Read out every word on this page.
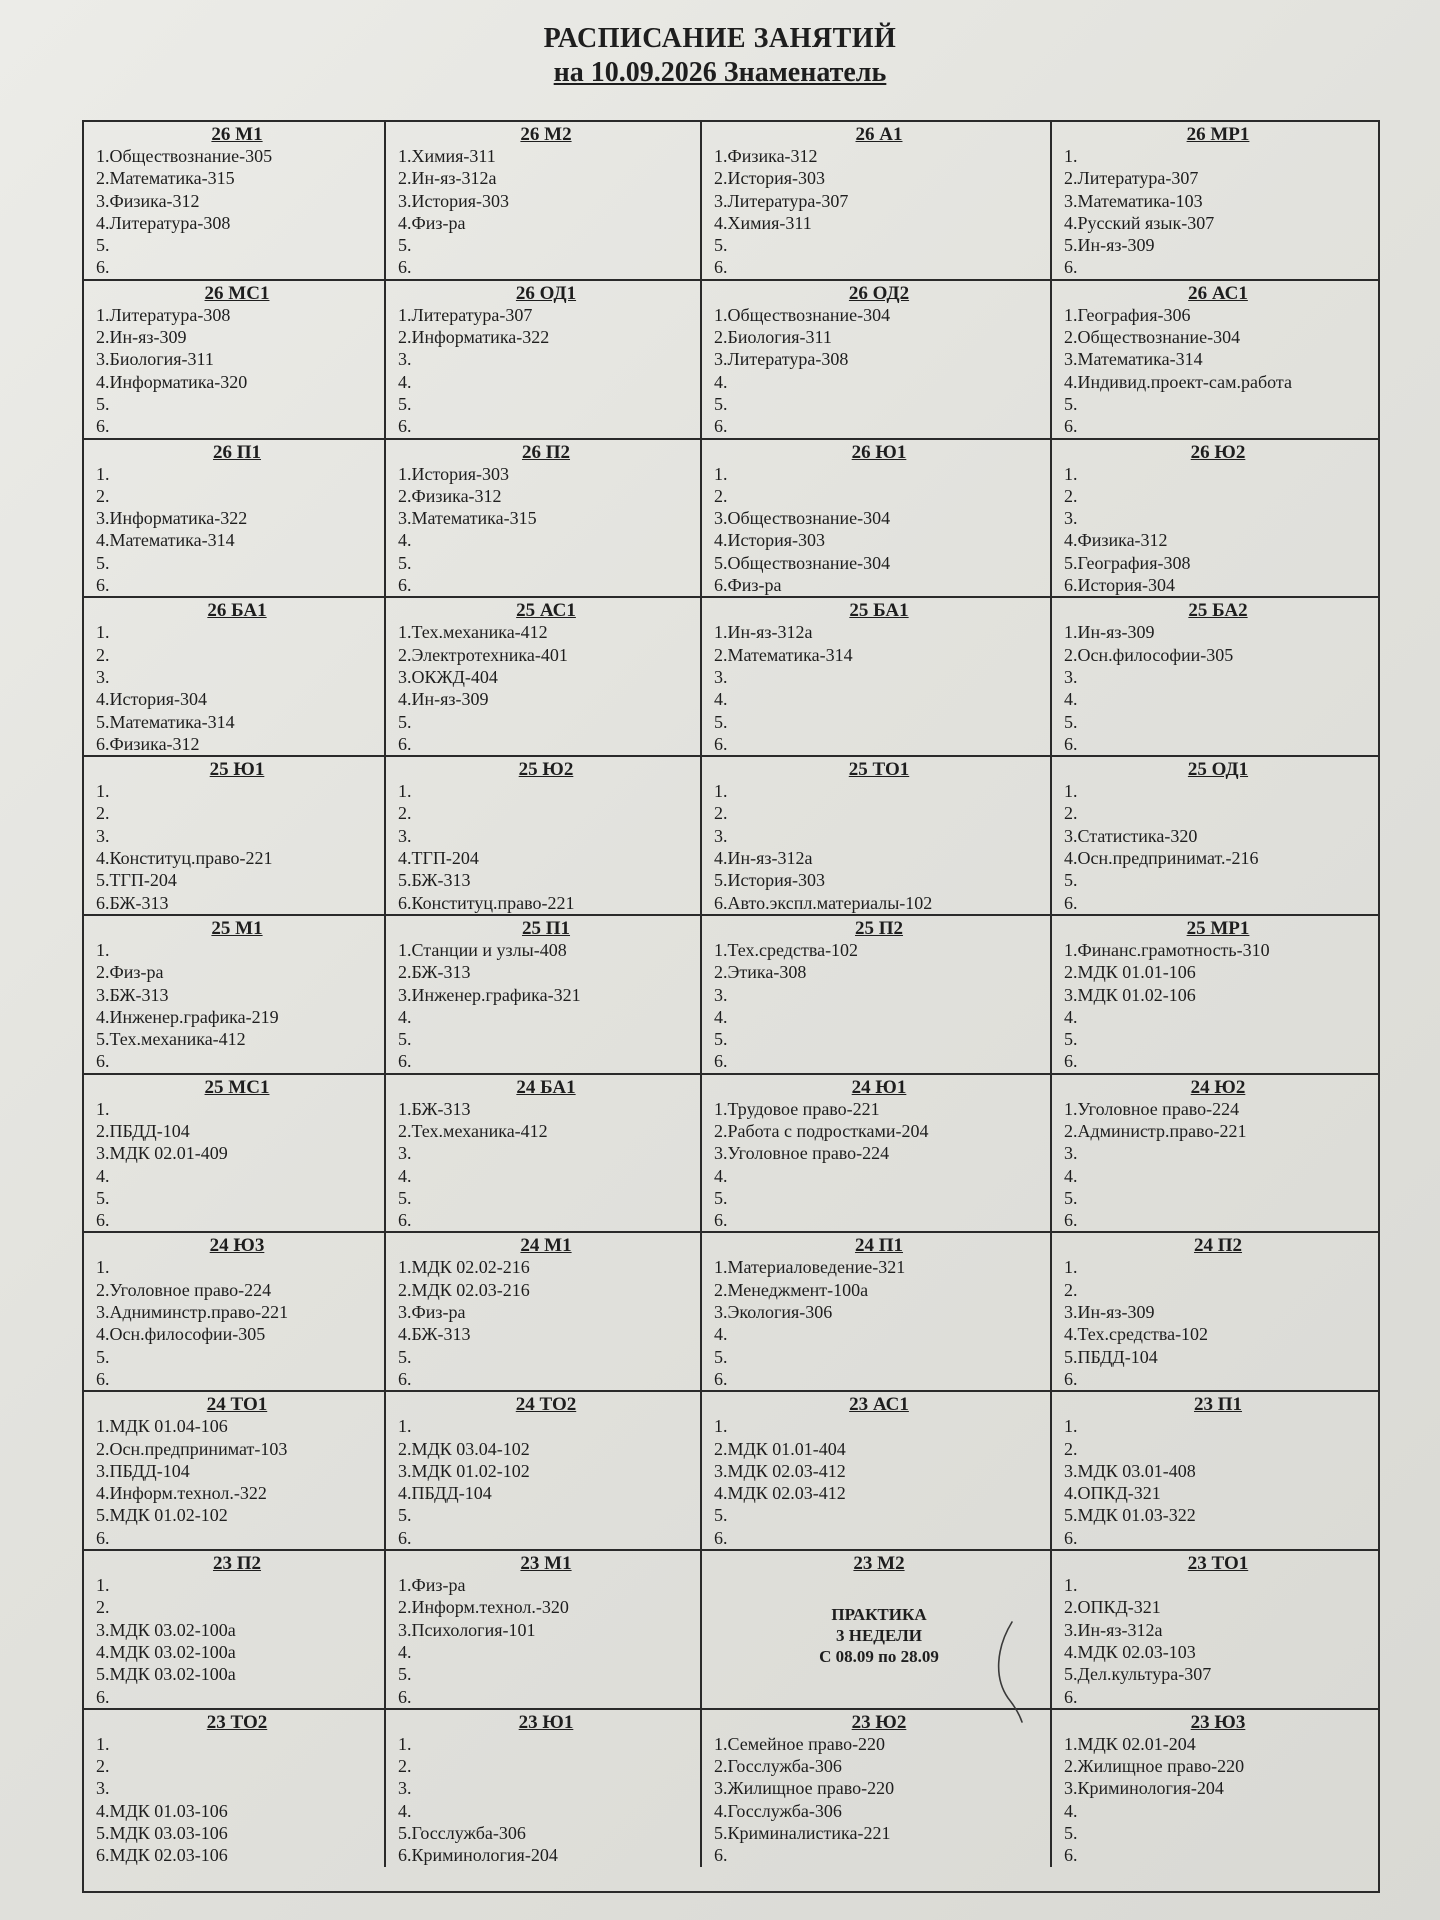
РАСПИСАНИЕ ЗАНЯТИЙ
на 10.09.2026 Знаменатель
26 М1
1.Обществознание-305
2.Математика-315
3.Физика-312
4.Литература-308
5.
6.
26 М2
1.Химия-311
2.Ин-яз-312а
3.История-303
4.Физ-ра
5.
6.
26 А1
1.Физика-312
2.История-303
3.Литература-307
4.Химия-311
5.
6.
26 МР1
1.
2.Литература-307
3.Математика-103
4.Русский язык-307
5.Ин-яз-309
6.
26 МС1
1.Литература-308
2.Ин-яз-309
3.Биология-311
4.Информатика-320
5.
6.
26 ОД1
1.Литература-307
2.Информатика-322
3.
4.
5.
6.
26 ОД2
1.Обществознание-304
2.Биология-311
3.Литература-308
4.
5.
6.
26 АС1
1.География-306
2.Обществознание-304
3.Математика-314
4.Индивид.проект-сам.работа
5.
6.
26 П1
1.
2.
3.Информатика-322
4.Математика-314
5.
6.
26 П2
1.История-303
2.Физика-312
3.Математика-315
4.
5.
6.
26 Ю1
1.
2.
3.Обществознание-304
4.История-303
5.Обществознание-304
6.Физ-ра
26 Ю2
1.
2.
3.
4.Физика-312
5.География-308
6.История-304
26 БА1
1.
2.
3.
4.История-304
5.Математика-314
6.Физика-312
25 АС1
1.Тех.механика-412
2.Электротехника-401
3.ОКЖД-404
4.Ин-яз-309
5.
6.
25 БА1
1.Ин-яз-312а
2.Математика-314
3.
4.
5.
6.
25 БА2
1.Ин-яз-309
2.Осн.философии-305
3.
4.
5.
6.
25 Ю1
1.
2.
3.
4.Конституц.право-221
5.ТГП-204
6.БЖ-313
25 Ю2
1.
2.
3.
4.ТГП-204
5.БЖ-313
6.Конституц.право-221
25 ТО1
1.
2.
3.
4.Ин-яз-312а
5.История-303
6.Авто.экспл.материалы-102
25 ОД1
1.
2.
3.Статистика-320
4.Осн.предпринимат.-216
5.
6.
25 М1
1.
2.Физ-ра
3.БЖ-313
4.Инженер.графика-219
5.Тех.механика-412
6.
25 П1
1.Станции и узлы-408
2.БЖ-313
3.Инженер.графика-321
4.
5.
6.
25 П2
1.Тех.средства-102
2.Этика-308
3.
4.
5.
6.
25 МР1
1.Финанс.грамотность-310
2.МДК 01.01-106
3.МДК 01.02-106
4.
5.
6.
25 МС1
1.
2.ПБДД-104
3.МДК 02.01-409
4.
5.
6.
24 БА1
1.БЖ-313
2.Тех.механика-412
3.
4.
5.
6.
24 Ю1
1.Трудовое право-221
2.Работа с подростками-204
3.Уголовное право-224
4.
5.
6.
24 Ю2
1.Уголовное право-224
2.Администр.право-221
3.
4.
5.
6.
24 Ю3
1.
2.Уголовное право-224
3.Адниминстр.право-221
4.Осн.философии-305
5.
6.
24 М1
1.МДК 02.02-216
2.МДК 02.03-216
3.Физ-ра
4.БЖ-313
5.
6.
24 П1
1.Материаловедение-321
2.Менеджмент-100а
3.Экология-306
4.
5.
6.
24 П2
1.
2.
3.Ин-яз-309
4.Тех.средства-102
5.ПБДД-104
6.
24 ТО1
1.МДК 01.04-106
2.Осн.предпринимат-103
3.ПБДД-104
4.Информ.технол.-322
5.МДК 01.02-102
6.
24 ТО2
1.
2.МДК 03.04-102
3.МДК 01.02-102
4.ПБДД-104
5.
6.
23 АС1
1.
2.МДК 01.01-404
3.МДК 02.03-412
4.МДК 02.03-412
5.
6.
23 П1
1.
2.
3.МДК 03.01-408
4.ОПКД-321
5.МДК 01.03-322
6.
23 П2
1.
2.
3.МДК 03.02-100а
4.МДК 03.02-100а
5.МДК 03.02-100а
6.
23 М1
1.Физ-ра
2.Информ.технол.-320
3.Психология-101
4.
5.
6.
23 М2
ПРАКТИКА
3 НЕДЕЛИ
С 08.09 по 28.09
23 ТО1
1.
2.ОПКД-321
3.Ин-яз-312а
4.МДК 02.03-103
5.Дел.культура-307
6.
23 ТО2
1.
2.
3.
4.МДК 01.03-106
5.МДК 03.03-106
6.МДК 02.03-106
23 Ю1
1.
2.
3.
4.
5.Госслужба-306
6.Криминология-204
23 Ю2
1.Семейное право-220
2.Госслужба-306
3.Жилищное право-220
4.Госслужба-306
5.Криминалистика-221
6.
23 Ю3
1.МДК 02.01-204
2.Жилищное право-220
3.Криминология-204
4.
5.
6.
